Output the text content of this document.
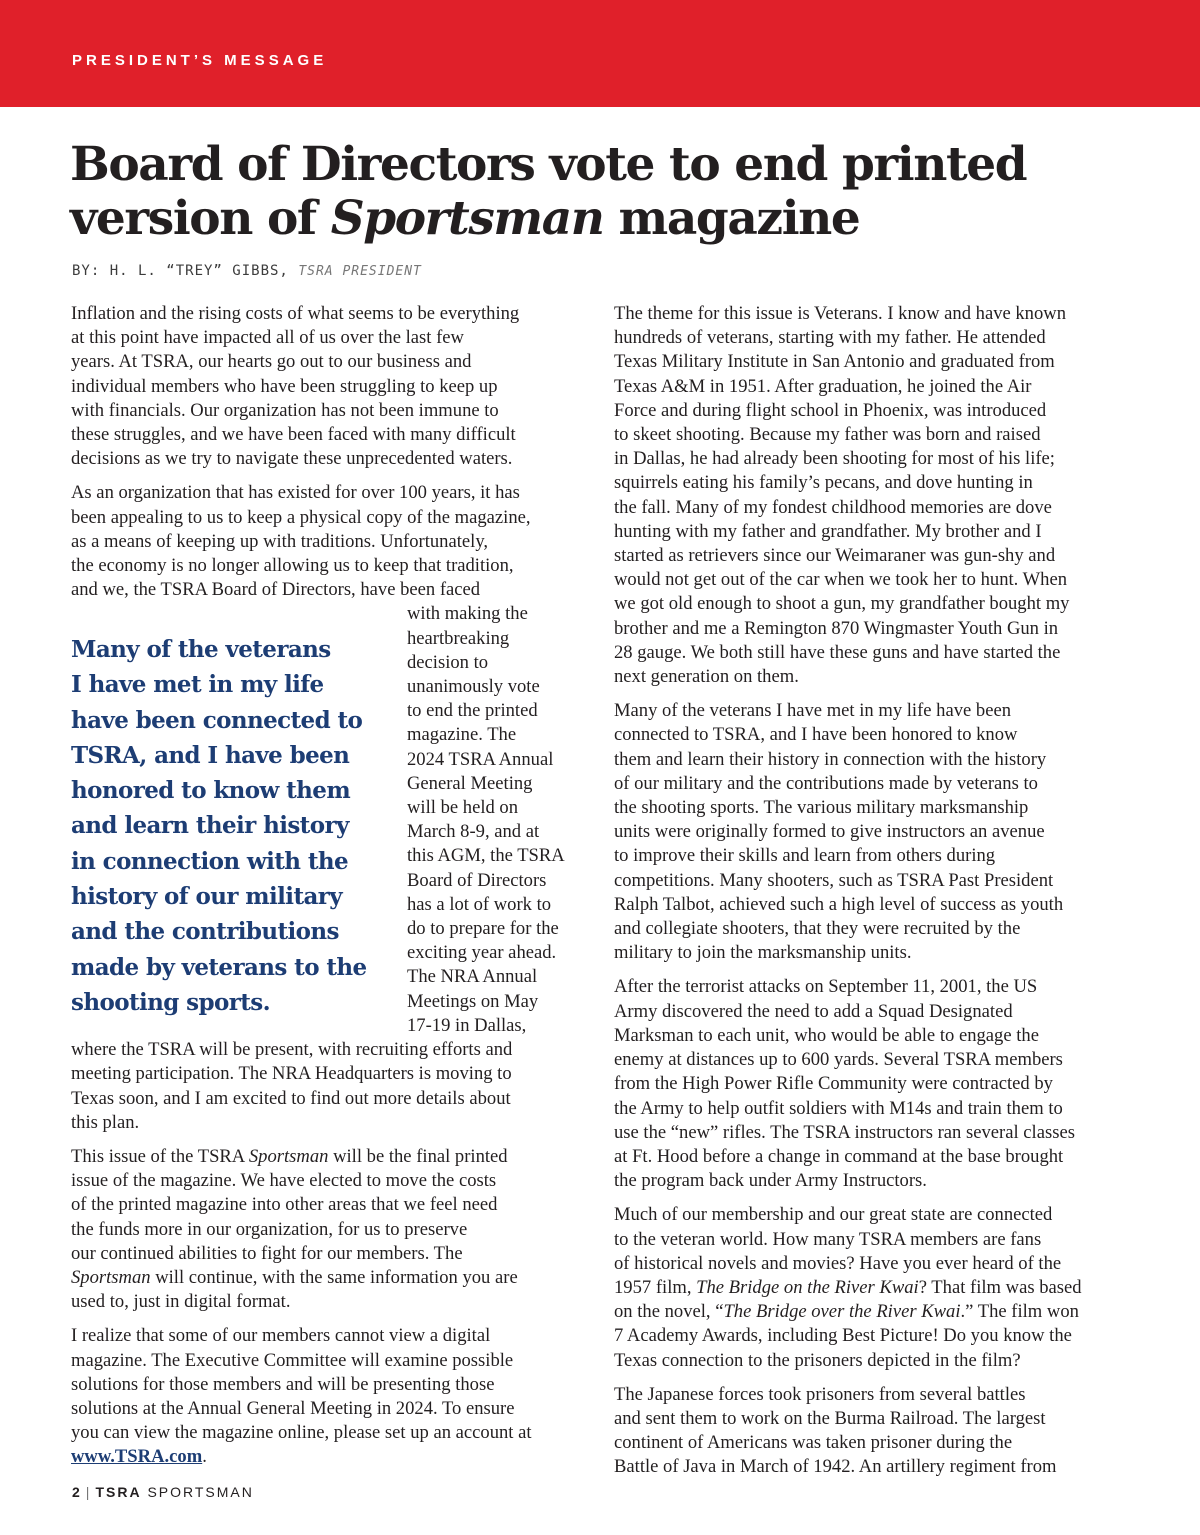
PRESIDENT’S MESSAGE
Board of Directors vote to end printed
version of Sportsman magazine
BY: H. L. “TREY” GIBBS, TSRA PRESIDENT

Inflation and the rising costs of what seems to be everything
at this point have impacted all of us over the last few
years. At TSRA, our hearts go out to our business and
individual members who have been struggling to keep up
with financials. Our organization has not been immune to
these struggles, and we have been faced with many difficult
decisions as we try to navigate these unprecedented waters.

As an organization that has existed for over 100 years, it has
been appealing to us to keep a physical copy of the magazine,
as a means of keeping up with traditions. Unfortunately,
the economy is no longer allowing us to keep that tradition,
and we, the TSRA Board of Directors, have been faced
with making the
heartbreaking
decision to
unanimously vote
to end the printed
magazine. The
2024 TSRA Annual
General Meeting
will be held on
March 8-9, and at
this AGM, the TSRA
Board of Directors
has a lot of work to
do to prepare for the
exciting year ahead.
The NRA Annual
Meetings on May
17-19 in Dallas,
where the TSRA will be present, with recruiting efforts and
meeting participation. The NRA Headquarters is moving to
Texas soon, and I am excited to find out more details about
this plan.

This issue of the TSRA Sportsman will be the final printed
issue of the magazine. We have elected to move the costs
of the printed magazine into other areas that we feel need
the funds more in our organization, for us to preserve
our continued abilities to fight for our members. The
Sportsman will continue, with the same information you are
used to, just in digital format.

I realize that some of our members cannot view a digital
magazine. The Executive Committee will examine possible
solutions for those members and will be presenting those
solutions at the Annual General Meeting in 2024. To ensure
you can view the magazine online, please set up an account at
www.TSRA.com.

Many of the veterans
I have met in my life
have been connected to
TSRA, and I have been
honored to know them
and learn their history
in connection with the
history of our military
and the contributions
made by veterans to the
shooting sports.

The theme for this issue is Veterans. I know and have known
hundreds of veterans, starting with my father. He attended
Texas Military Institute in San Antonio and graduated from
Texas A&M in 1951. After graduation, he joined the Air
Force and during flight school in Phoenix, was introduced
to skeet shooting. Because my father was born and raised
in Dallas, he had already been shooting for most of his life;
squirrels eating his family’s pecans, and dove hunting in
the fall. Many of my fondest childhood memories are dove
hunting with my father and grandfather. My brother and I
started as retrievers since our Weimaraner was gun-shy and
would not get out of the car when we took her to hunt. When
we got old enough to shoot a gun, my grandfather bought my
brother and me a Remington 870 Wingmaster Youth Gun in
28 gauge. We both still have these guns and have started the
next generation on them.

Many of the veterans I have met in my life have been
connected to TSRA, and I have been honored to know
them and learn their history in connection with the history
of our military and the contributions made by veterans to
the shooting sports. The various military marksmanship
units were originally formed to give instructors an avenue
to improve their skills and learn from others during
competitions. Many shooters, such as TSRA Past President
Ralph Talbot, achieved such a high level of success as youth
and collegiate shooters, that they were recruited by the
military to join the marksmanship units.

After the terrorist attacks on September 11, 2001, the US
Army discovered the need to add a Squad Designated
Marksman to each unit, who would be able to engage the
enemy at distances up to 600 yards. Several TSRA members
from the High Power Rifle Community were contracted by
the Army to help outfit soldiers with M14s and train them to
use the “new” rifles. The TSRA instructors ran several classes
at Ft. Hood before a change in command at the base brought
the program back under Army Instructors.

Much of our membership and our great state are connected
to the veteran world. How many TSRA members are fans
of historical novels and movies? Have you ever heard of the
1957 film, The Bridge on the River Kwai? That film was based
on the novel, “The Bridge over the River Kwai.” The film won
7 Academy Awards, including Best Picture! Do you know the
Texas connection to the prisoners depicted in the film?

The Japanese forces took prisoners from several battles
and sent them to work on the Burma Railroad. The largest
continent of Americans was taken prisoner during the
Battle of Java in March of 1942. An artillery regiment from

2 | TSRA SPORTSMAN
